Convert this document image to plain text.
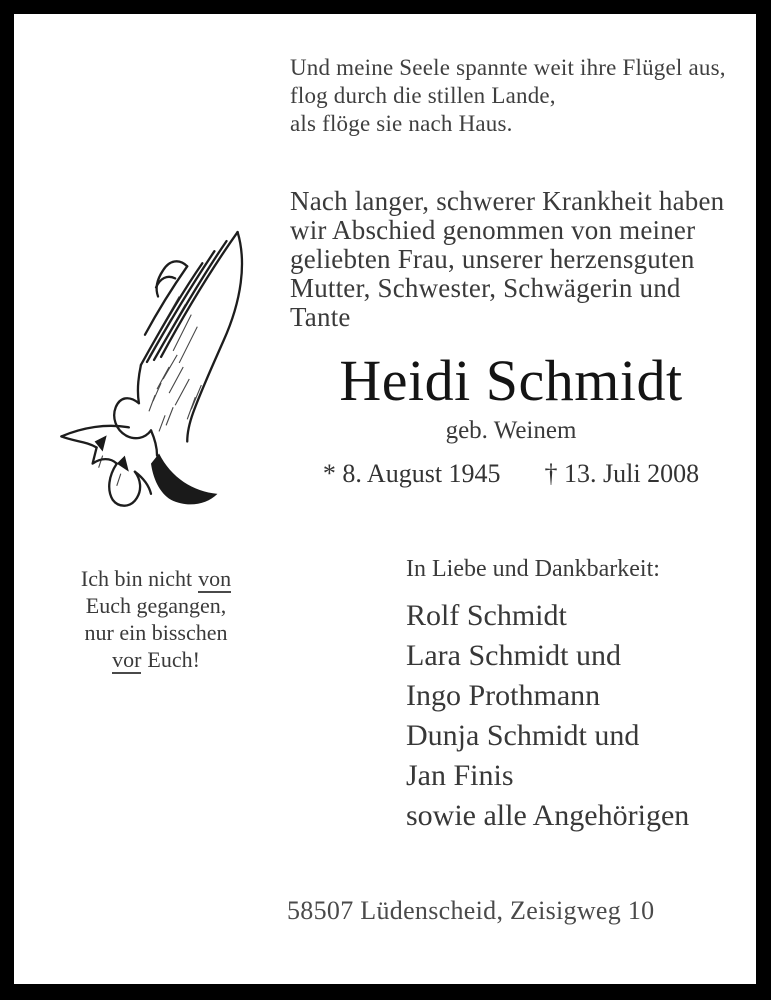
Und meine Seele spannte weit ihre Flügel aus,
flog durch die stillen Lande,
als flöge sie nach Haus.
Nach langer, schwerer Krankheit haben
wir Abschied genommen von meiner
geliebten Frau, unserer herzensguten
Mutter, Schwester, Schwägerin und
Tante
Heidi Schmidt
geb. Weinem
* 8. August 1945 † 13. Juli 2008
Ich bin nicht von
Euch gegangen,
nur ein bisschen
vor Euch!
In Liebe und Dankbarkeit:
Rolf Schmidt
Lara Schmidt und
Ingo Prothmann
Dunja Schmidt und
Jan Finis
sowie alle Angehörigen
58507 Lüdenscheid, Zeisigweg 10
